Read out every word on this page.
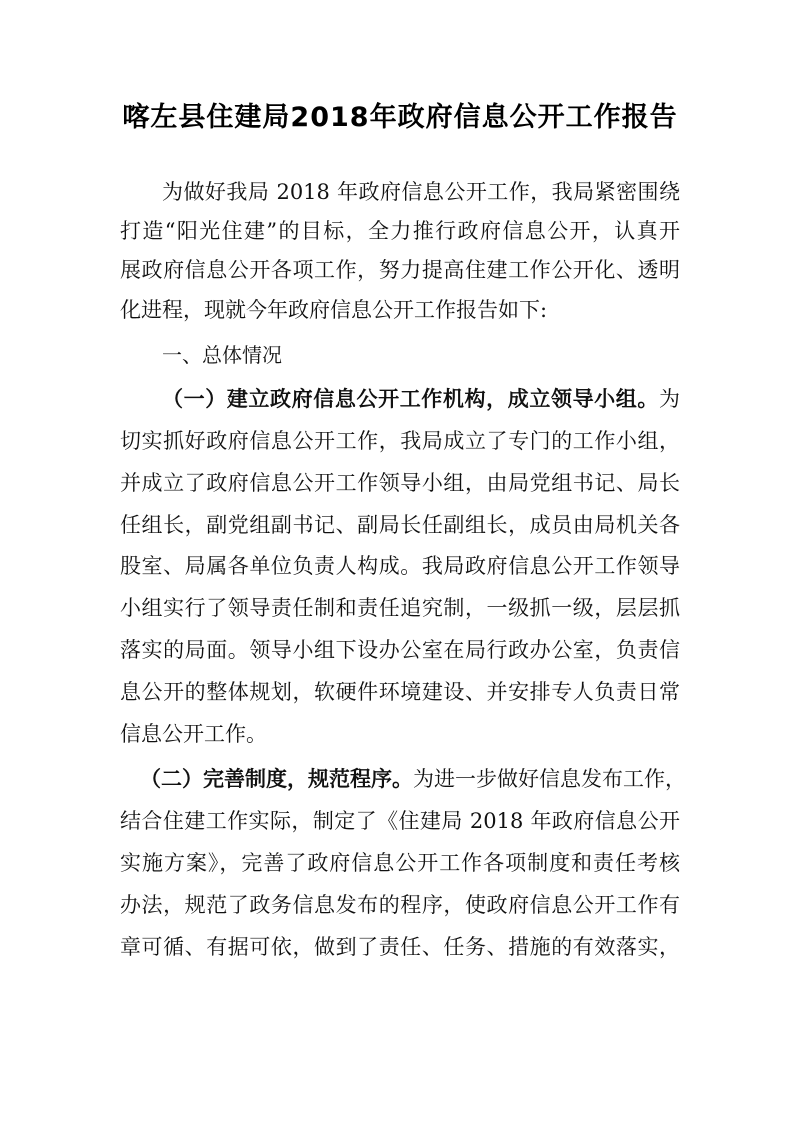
喀左县住建局2018年政府信息公开工作报告
为做好我局 2018 年政府信息公开工作，我局紧密围绕
打造“阳光住建”的目标，全力推行政府信息公开，认真开
展政府信息公开各项工作，努力提高住建工作公开化、透明
化进程，现就今年政府信息公开工作报告如下:
一、总体情况
（一）建立政府信息公开工作机构，成立领导小组。为
切实抓好政府信息公开工作，我局成立了专门的工作小组，
并成立了政府信息公开工作领导小组，由局党组书记、局长
任组长，副党组副书记、副局长任副组长，成员由局机关各
股室、局属各单位负责人构成。我局政府信息公开工作领导
小组实行了领导责任制和责任追究制，一级抓一级，层层抓
落实的局面。领导小组下设办公室在局行政办公室，负责信
息公开的整体规划，软硬件环境建设、并安排专人负责日常
信息公开工作。
（二）完善制度，规范程序。为进一步做好信息发布工作，
结合住建工作实际，制定了《住建局 2018 年政府信息公开
实施方案》，完善了政府信息公开工作各项制度和责任考核
办法，规范了政务信息发布的程序，使政府信息公开工作有
章可循、有据可依，做到了责任、任务、措施的有效落实，
